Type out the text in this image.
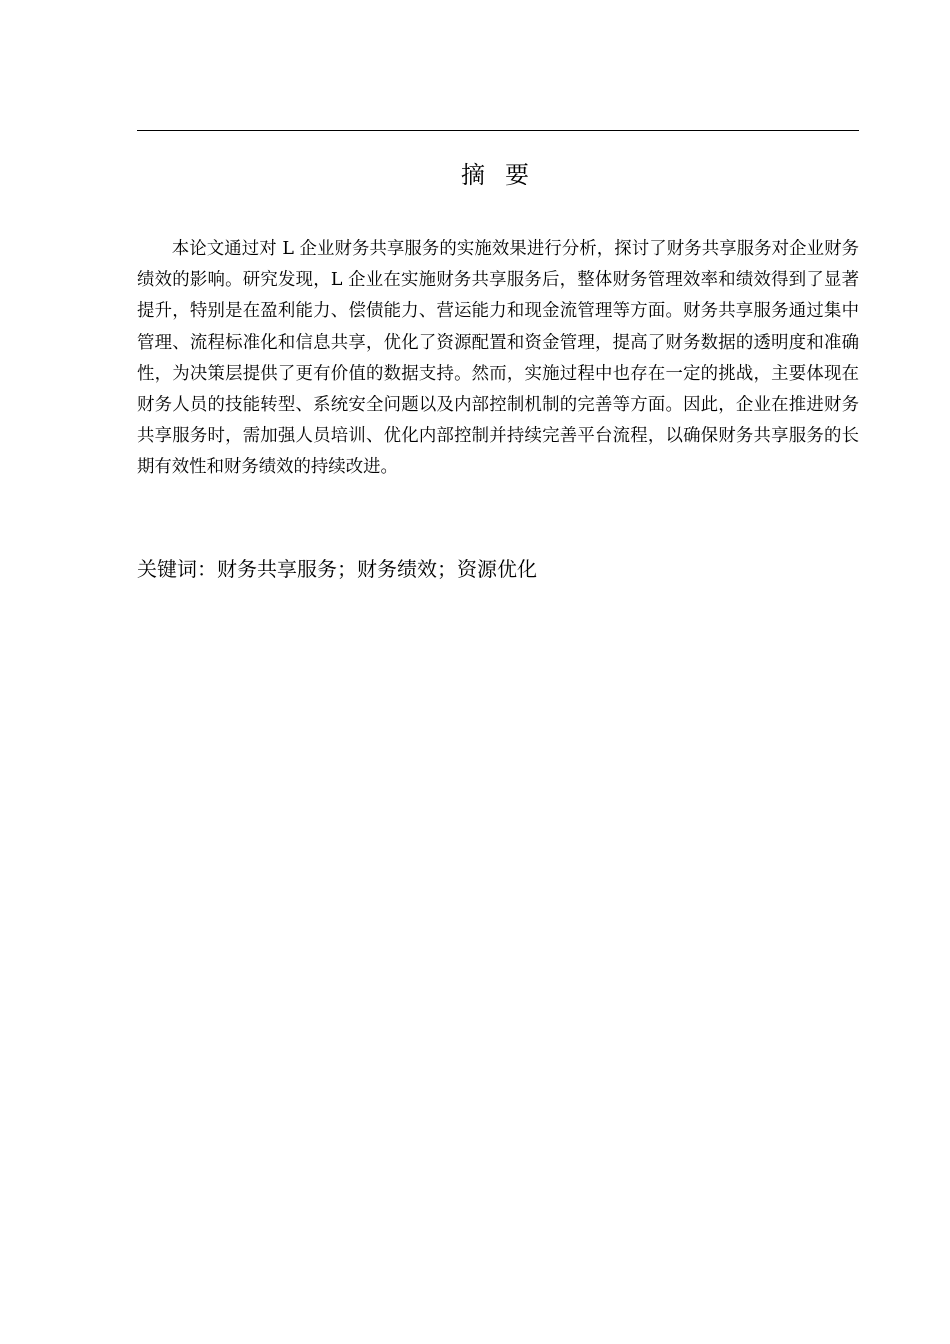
摘 要

本论文通过对 L 企业财务共享服务的实施效果进行分析，探讨了财务共享服务对企业财务绩效的影响。研究发现，L 企业在实施财务共享服务后，整体财务管理效率和绩效得到了显著提升，特别是在盈利能力、偿债能力、营运能力和现金流管理等方面。财务共享服务通过集中管理、流程标准化和信息共享，优化了资源配置和资金管理，提高了财务数据的透明度和准确性，为决策层提供了更有价值的数据支持。然而，实施过程中也存在一定的挑战，主要体现在财务人员的技能转型、系统安全问题以及内部控制机制的完善等方面。因此，企业在推进财务共享服务时，需加强人员培训、优化内部控制并持续完善平台流程，以确保财务共享服务的长期有效性和财务绩效的持续改进。

关键词：财务共享服务；财务绩效；资源优化
